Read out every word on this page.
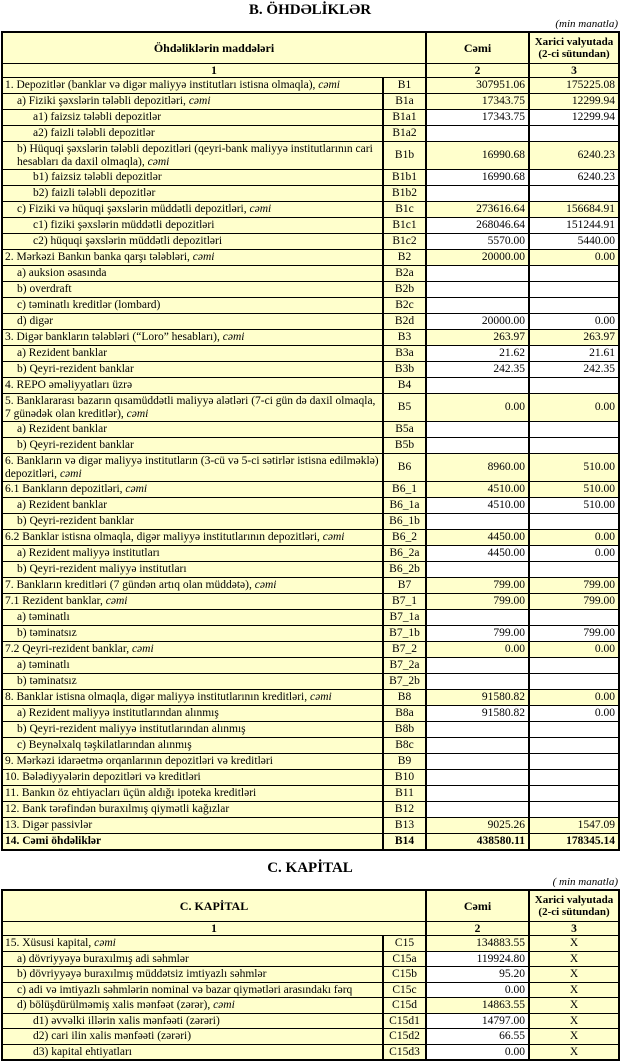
B. ÖHDƏLİKLƏR
(min manatla)
Öhdəliklərin maddələri		Cəmi	Xarici valyutada
(2-ci sütundan)

1		2	3
1. Depozitlər (banklar və digər maliyyə institutları istisna olmaqla), cəmi	B1	307951.06	175225.08
a) Fiziki şəxslərin tələbli depozitləri, cəmi	B1a	17343.75	12299.94
a1) faizsiz tələbli depozitlər	B1a1	17343.75	12299.94
a2) faizli tələbli depozitlər	B1a2		
b) Hüquqi şəxslərin tələbli depozitləri (qeyri-bank maliyyə institutlarının cari hesabları da daxil olmaqla), cəmi	B1b	16990.68	6240.23
b1) faizsiz tələbli depozitlər	B1b1	16990.68	6240.23
b2) faizli tələbli depozitlər	B1b2		
c) Fiziki və hüquqi şəxslərin müddətli depozitləri, cəmi	B1c	273616.64	156684.91
c1) fiziki şəxslərin müddətli depozitləri	B1c1	268046.64	151244.91
c2) hüquqi şəxslərin müddətli depozitləri	B1c2	5570.00	5440.00
2. Mərkəzi Bankın banka qarşı tələbləri, cəmi	B2	20000.00	0.00
a) auksion əsasında	B2a		
b) overdraft	B2b		
c) təminatlı kreditlər (lombard)	B2c		
d) digər	B2d	20000.00	0.00
3. Digər bankların tələbləri (“Loro” hesabları), cəmi	B3	263.97	263.97
a) Rezident banklar	B3a	21.62	21.61
b) Qeyri-rezident banklar	B3b	242.35	242.35
4. REPO əməliyyatları üzrə	B4		
5. Banklararası bazarın qısamüddətli maliyyə alətləri (7-ci gün də daxil olmaqla, 7 günədək olan kreditlər), cəmi	B5	0.00	0.00
a) Rezident banklar	B5a		
b) Qeyri-rezident banklar	B5b		
6. Bankların və digər maliyyə institutların (3-cü və 5-ci sətirlər istisna edilməklə) depozitləri, cəmi	B6	8960.00	510.00
6.1 Bankların depozitləri, cəmi	B6_1	4510.00	510.00
a) Rezident banklar	B6_1a	4510.00	510.00
b) Qeyri-rezident banklar	B6_1b		
6.2 Banklar istisna olmaqla, digər maliyyə institutlarının depozitləri, cəmi	B6_2	4450.00	0.00
a) Rezident maliyyə institutları	B6_2a	4450.00	0.00
b) Qeyri-rezident maliyyə institutları	B6_2b		
7. Bankların kreditləri (7 gündən artıq olan müddətə), cəmi	B7	799.00	799.00
7.1 Rezident banklar, cəmi	B7_1	799.00	799.00
a) təminatlı	B7_1a		
b) təminatsız	B7_1b	799.00	799.00
7.2 Qeyri-rezident banklar, cəmi	B7_2	0.00	0.00
a) təminatlı	B7_2a		
b) təminatsız	B7_2b		
8. Banklar istisna olmaqla, digər maliyyə institutlarının kreditləri, cəmi	B8	91580.82	0.00
a) Rezident maliyyə institutlarından alınmış	B8a	91580.82	0.00
b) Qeyri-rezident maliyyə institutlarından alınmış	B8b		
c) Beynəlxalq təşkilatlarından alınmış	B8c		
9. Mərkəzi idarəetmə orqanlarının depozitləri və kreditləri	B9		
10. Bələdiyyələrin depozitləri və kreditləri	B10		
11. Bankın öz ehtiyacları üçün aldığı ipoteka kreditləri	B11		
12. Bank tərəfindən buraxılmış qiymətli kağızlar	B12		
13. Digər passivlər	B13	9025.26	1547.09
14. Cəmi öhdəliklər	B14	438580.11	178345.14
C. KAPİTAL
( min manatla)
C. KAPİTAL		Cəmi	Xarici valyutada
(2-ci sütundan)

1		2	3
15. Xüsusi kapital, cəmi	C15	134883.55	X
a) dövriyyəyə buraxılmış adi səhmlər	C15a	119924.80	X
b) dövriyyəyə buraxılmış müddətsiz imtiyazlı səhmlər	C15b	95.20	X
c) adi və imtiyazlı səhmlərin nominal və bazar qiymətləri arasındakı fərq	C15c	0.00	X
d) bölüşdürülməmiş xalis mənfəət (zərər), cəmi	C15d	14863.55	X
d1) əvvəlki illərin xalis mənfəəti (zərəri)	C15d1	14797.00	X
d2) cari ilin xalis mənfəəti (zərəri)	C15d2	66.55	X
d3) kapital ehtiyatları	C15d3	0.00	X
